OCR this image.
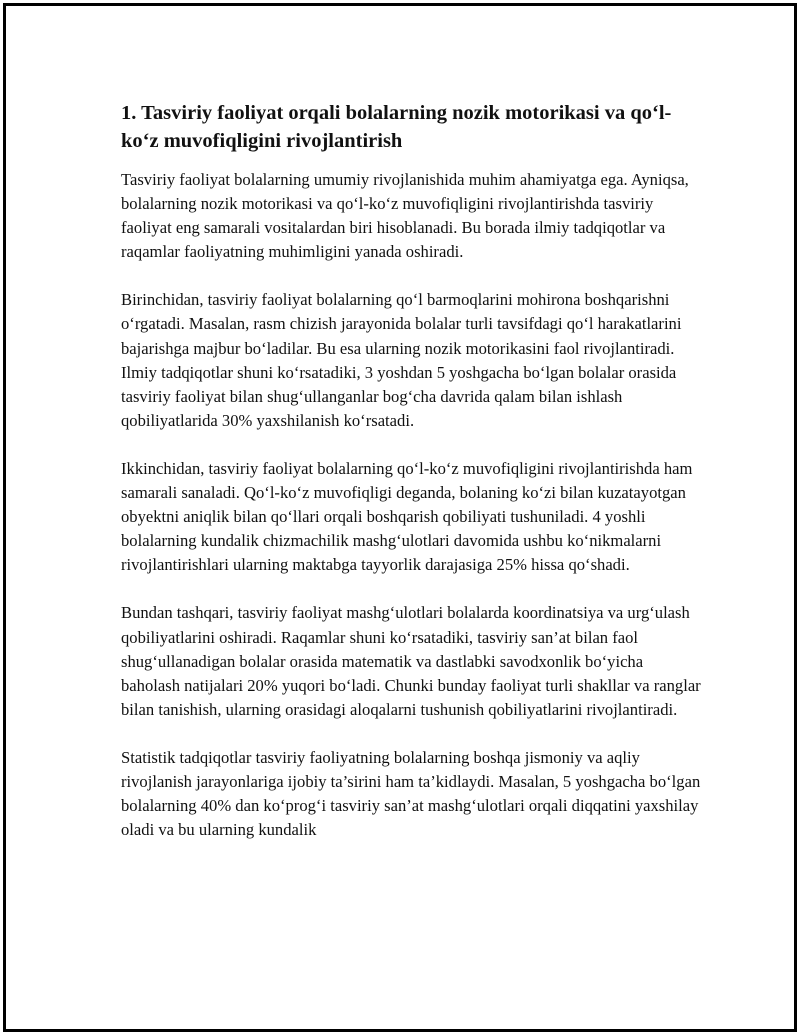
1. Tasviriy faoliyat orqali bolalarning nozik motorikasi va qo‘l-ko‘z muvofiqligini rivojlantirish

Tasviriy faoliyat bolalarning umumiy rivojlanishida muhim ahamiyatga ega. Ayniqsa, bolalarning nozik motorikasi va qo‘l-ko‘z muvofiqligini rivojlantirishda tasviriy faoliyat eng samarali vositalardan biri hisoblanadi. Bu borada ilmiy tadqiqotlar va raqamlar faoliyatning muhimligini yanada oshiradi.

Birinchidan, tasviriy faoliyat bolalarning qo‘l barmoqlarini mohirona boshqarishni o‘rgatadi. Masalan, rasm chizish jarayonida bolalar turli tavsifdagi qo‘l harakatlarini bajarishga majbur bo‘ladilar. Bu esa ularning nozik motorikasini faol rivojlantiradi. Ilmiy tadqiqotlar shuni ko‘rsatadiki, 3 yoshdan 5 yoshgacha bo‘lgan bolalar orasida tasviriy faoliyat bilan shug‘ullanganlar bog‘cha davrida qalam bilan ishlash qobiliyatlarida 30% yaxshilanish ko‘rsatadi.

Ikkinchidan, tasviriy faoliyat bolalarning qo‘l-ko‘z muvofiqligini rivojlantirishda ham samarali sanaladi. Qo‘l-ko‘z muvofiqligi deganda, bolaning ko‘zi bilan kuzatayotgan obyektni aniqlik bilan qo‘llari orqali boshqarish qobiliyati tushuniladi. 4 yoshli bolalarning kundalik chizmachilik mashg‘ulotlari davomida ushbu ko‘nikmalarni rivojlantirishlari ularning maktabga tayyorlik darajasiga 25% hissa qo‘shadi.

Bundan tashqari, tasviriy faoliyat mashg‘ulotlari bolalarda koordinatsiya va urg‘ulash qobiliyatlarini oshiradi. Raqamlar shuni ko‘rsatadiki, tasviriy san’at bilan faol shug‘ullanadigan bolalar orasida matematik va dastlabki savodxonlik bo‘yicha baholash natijalari 20% yuqori bo‘ladi. Chunki bunday faoliyat turli shakllar va ranglar bilan tanishish, ularning orasidagi aloqalarni tushunish qobiliyatlarini rivojlantiradi.

Statistik tadqiqotlar tasviriy faoliyatning bolalarning boshqa jismoniy va aqliy rivojlanish jarayonlariga ijobiy ta’sirini ham ta’kidlaydi. Masalan, 5 yoshgacha bo‘lgan bolalarning 40% dan ko‘prog‘i tasviriy san’at mashg‘ulotlari orqali diqqatini yaxshilay oladi va bu ularning kundalik
